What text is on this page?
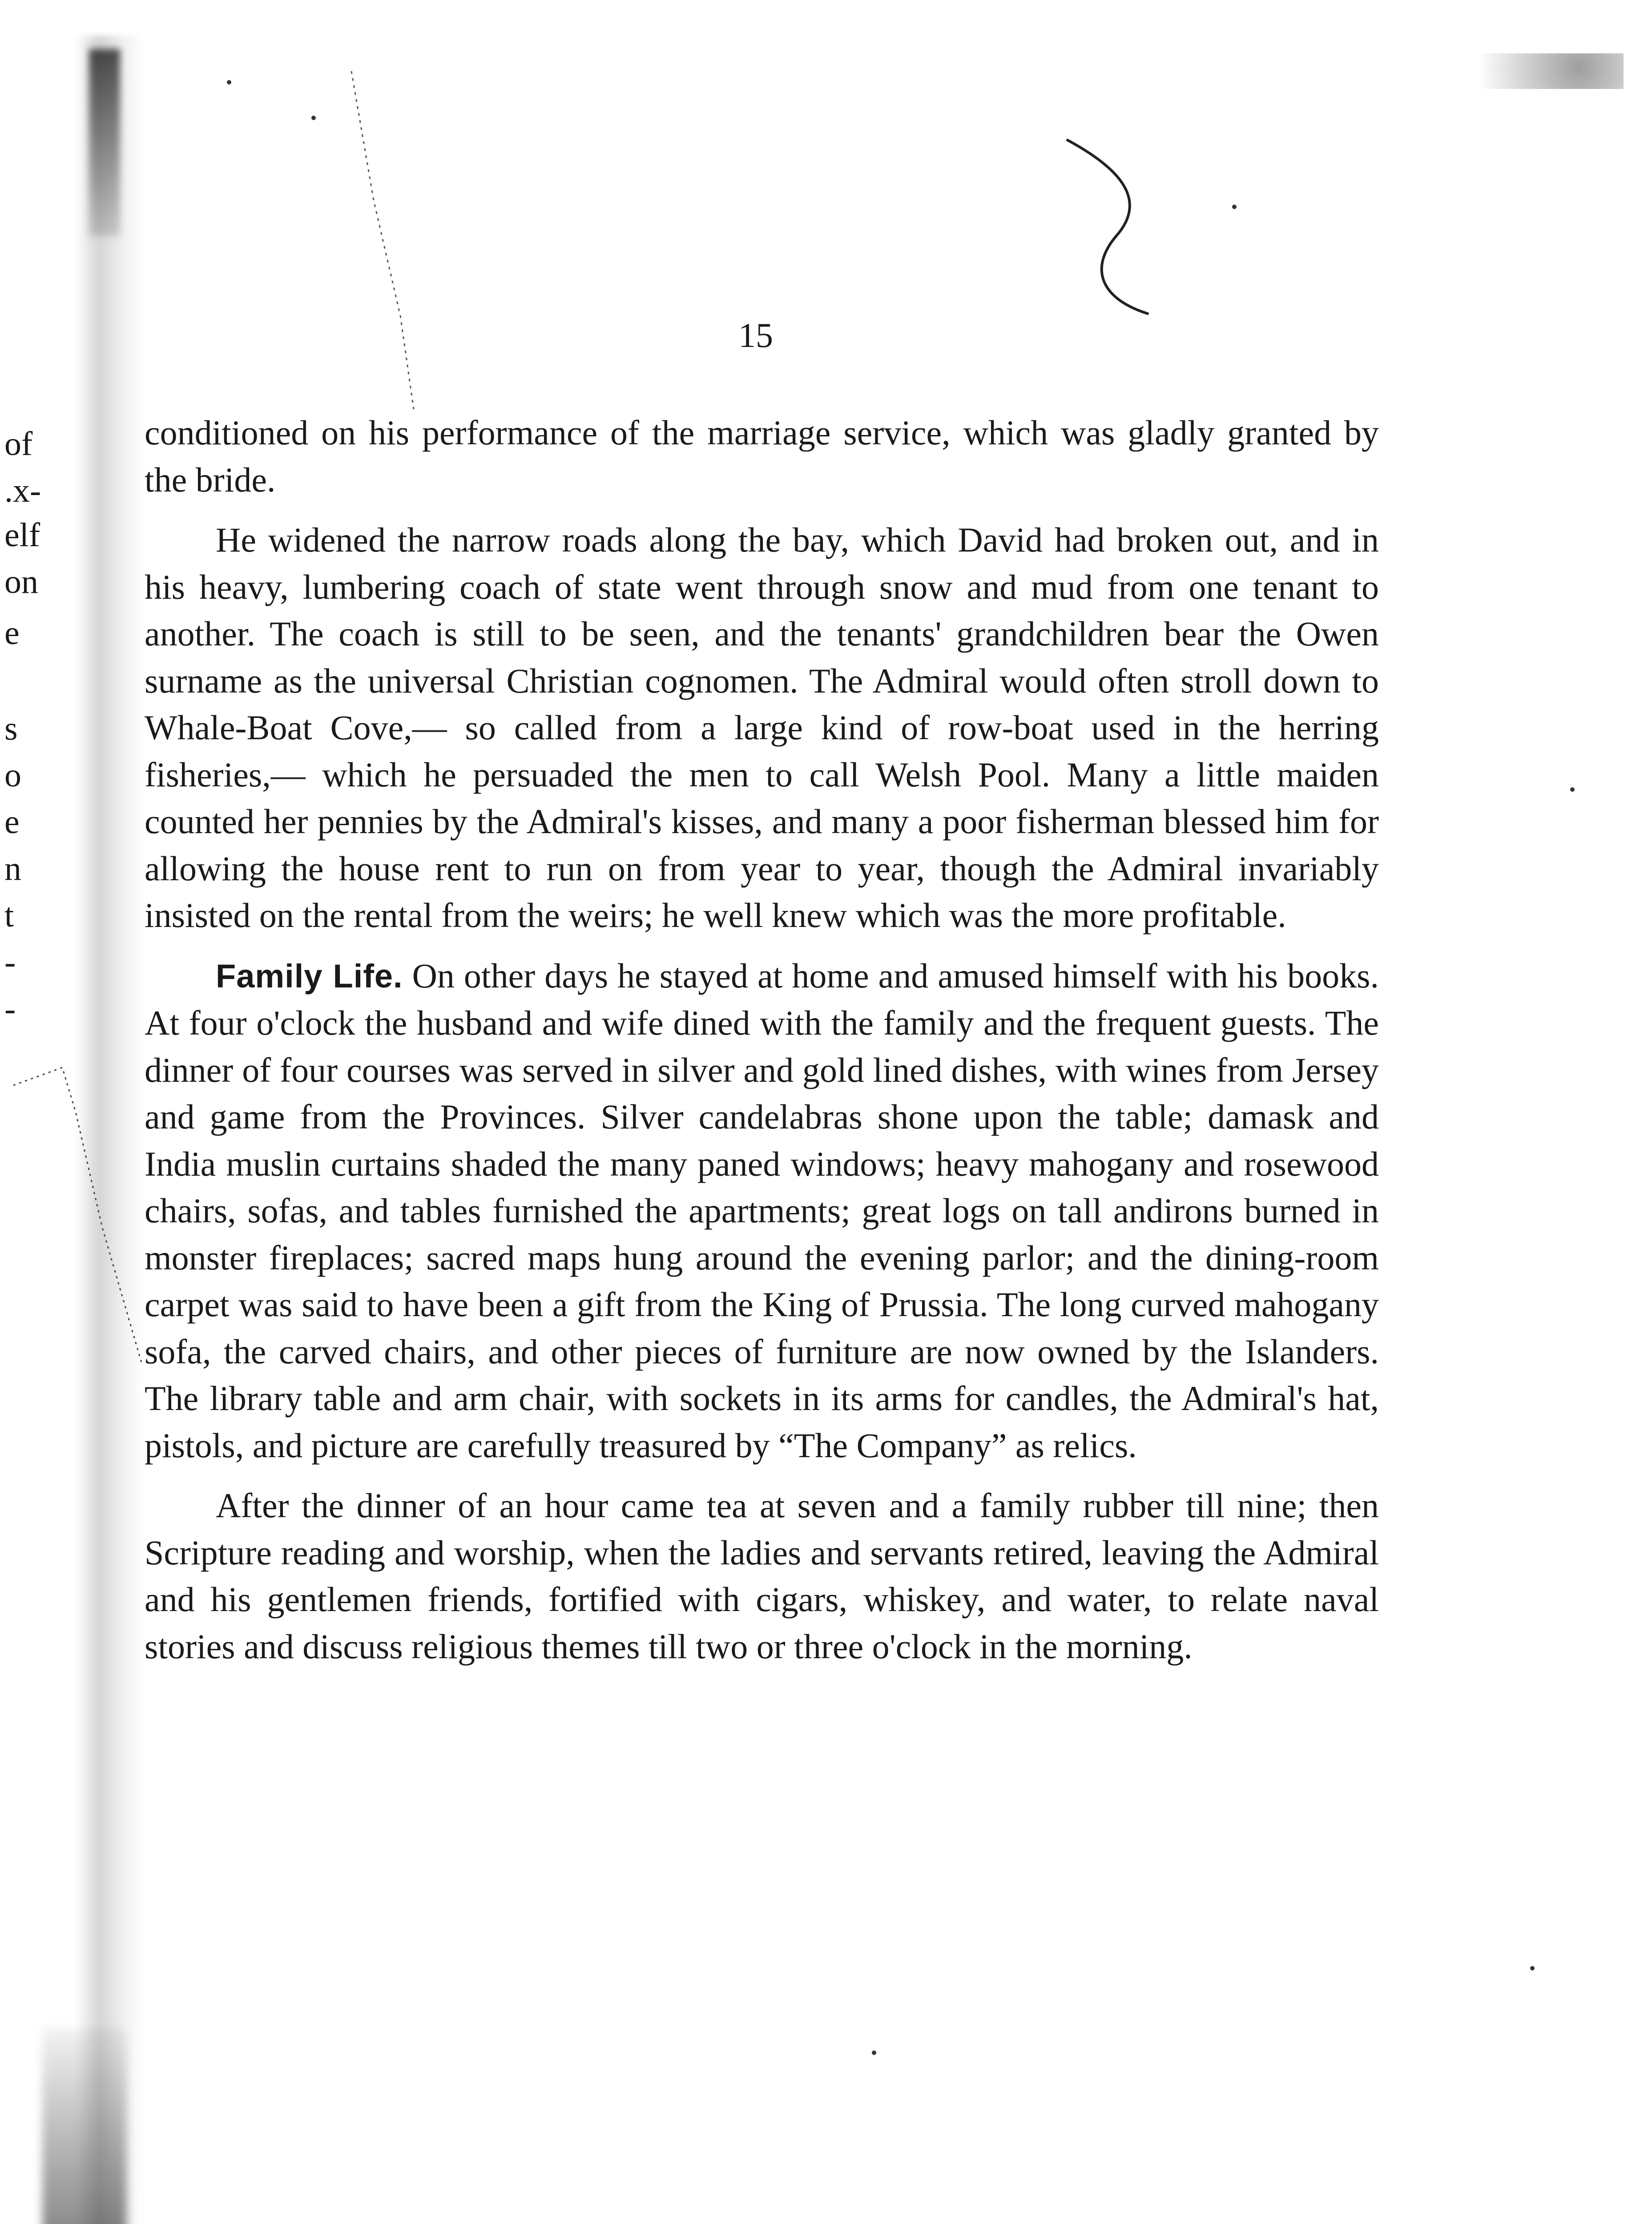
15
of
.x-
elf
on
e
s
o
e
n
t
-
-

conditioned on his performance of the marriage service, which was gladly granted by the bride.

He widened the narrow roads along the bay, which David had broken out, and in his heavy, lumbering coach of state went through snow and mud from one tenant to another. The coach is still to be seen, and the tenants' grandchildren bear the Owen surname as the universal Christian cognomen. The Admiral would often stroll down to Whale-Boat Cove,— so called from a large kind of row-boat used in the herring fisheries,— which he persuaded the men to call Welsh Pool. Many a little maiden counted her pennies by the Admiral's kisses, and many a poor fisherman blessed him for allowing the house rent to run on from year to year, though the Admiral invariably insisted on the rental from the weirs; he well knew which was the more profitable.

Family Life. On other days he stayed at home and amused himself with his books. At four o'clock the husband and wife dined with the family and the frequent guests. The dinner of four courses was served in silver and gold lined dishes, with wines from Jersey and game from the Provinces. Silver candelabras shone upon the table; damask and India muslin curtains shaded the many paned windows; heavy mahogany and rosewood chairs, sofas, and tables furnished the apartments; great logs on tall andirons burned in monster fireplaces; sacred maps hung around the evening parlor; and the dining-room carpet was said to have been a gift from the King of Prussia. The long curved mahogany sofa, the carved chairs, and other pieces of furniture are now owned by the Islanders. The library table and arm chair, with sockets in its arms for candles, the Admiral's hat, pistols, and picture are carefully treasured by “The Company” as relics.

After the dinner of an hour came tea at seven and a family rubber till nine; then Scripture reading and worship, when the ladies and servants retired, leaving the Admiral and his gentlemen friends, fortified with cigars, whiskey, and water, to relate naval stories and discuss religious themes till two or three o'clock in the morning.
